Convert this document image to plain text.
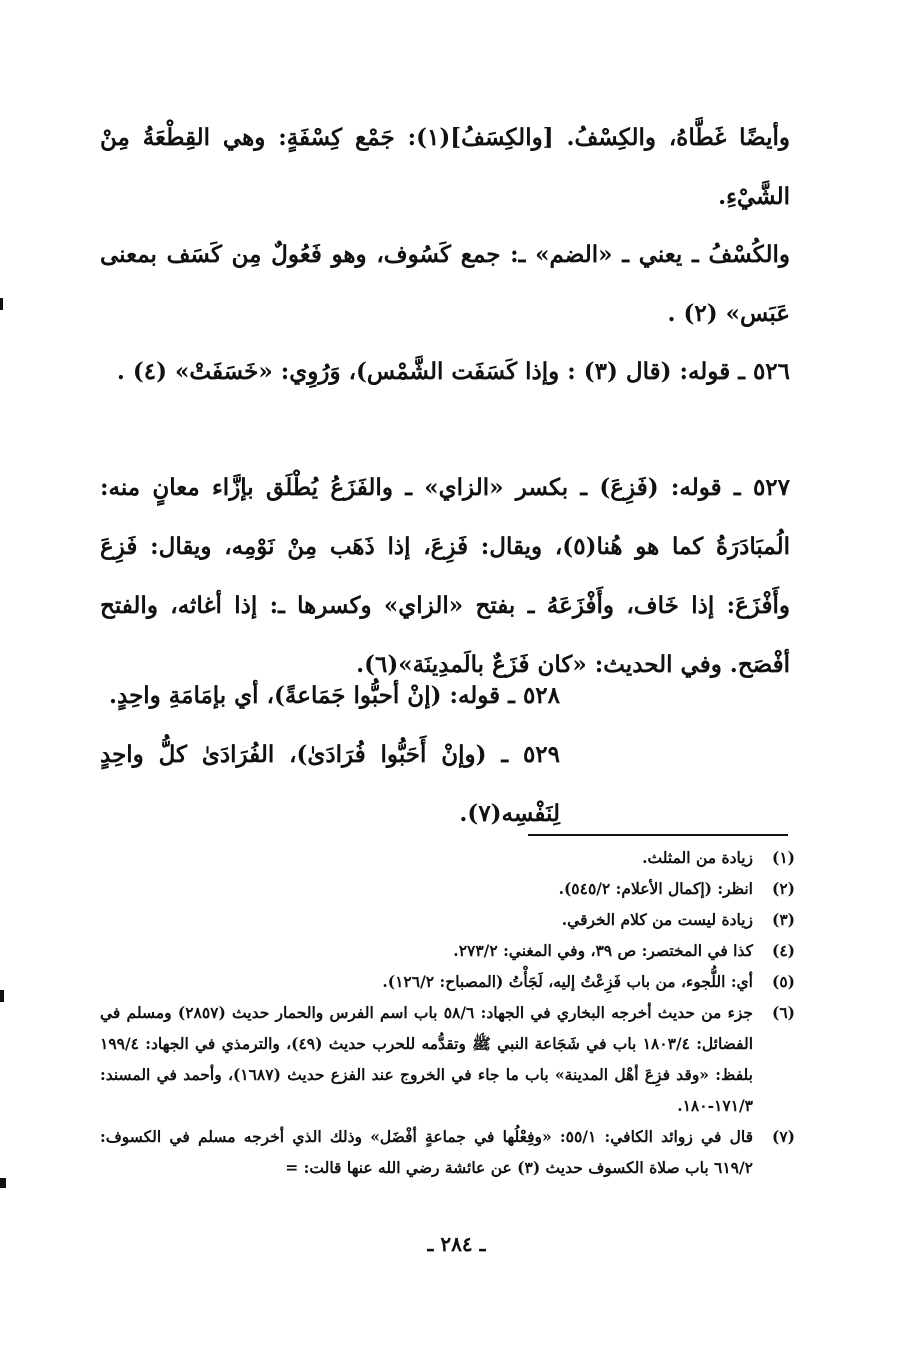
وأيضًا غَطَّاهُ، والكِسْفُ. [والكِسَفُ](١): جَمْع كِسْفَةٍ: وهي القِطْعَةُ مِنْ الشَّيْءِ.

والكُسْفُ ـ يعني ـ «الضم» ـ: جمع كَسُوف، وهو فَعُولٌ مِن كَسَف بمعنى عَبَس» (٢) .

٥٢٦ ـ قوله: (قال (٣) : وإذا كَسَفَت الشَّمْس)، وَرُوِي: «خَسَفَتْ» (٤) .

٥٢٧ ـ قوله: (فَزِعَ) ـ بكسر «الزاي» ـ والفَزَعُ يُطْلَق بإزَّاء معانٍ منه: الُمبَادَرَةُ كما هو هُنا(٥)، ويقال: فَزِعَ، إذا ذَهَب مِنْ نَوْمِه، ويقال: فَزِعَ وأَفْزَعَ: إذا خَاف، وأَفْزَعَهُ ـ بفتح «الزاي» وكسرها ـ: إذا أغاثه، والفتح أفْصَح. وفي الحديث: «كان فَزَعٌ بالَمدِينَة»(٦).

٥٢٨ ـ قوله: (إنْ أحبُّوا جَمَاعةً)، أي بإمَامَةِ واحِدٍ.

٥٢٩ ـ (وإنْ أَحَبُّوا فُرَادَىٰ)، الفُرَادَىٰ كلُّ واحِدٍ لِنَفْسِه(٧).

(١)
زيادة من المثلث.
(٢)
انظر: (إكمال الأعلام: ٥٤٥/٢).
(٣)
زيادة ليست من كلام الخرقي.
(٤)
كذا في المختصر: ص ٣٩، وفي المغني: ٢٧٣/٢.
(٥)
أي: اللُّجوء، من باب فَزِعْتُ إليه، لَجَأْتُ (المصباح: ١٢٦/٢).
(٦)
جزء من حديث أخرجه البخاري في الجهاد: ٥٨/٦ باب اسم الفرس والحمار حديث (٢٨٥٧) ومسلم في الفضائل: ١٨٠٣/٤ باب في شَجَاعة النبي ﷺ وتقدُّمه للحرب حديث (٤٩)، والترمذي في الجهاد: ١٩٩/٤ بلفظ: «وقد فزِعَ أهْل المدينة» باب ما جاء في الخروج عند الفزع حديث (١٦٨٧)، وأحمد في المسند: ١٧١/٣-١٨٠.
(٧)
قال في زوائد الكافي: ٥٥/١: «وفِعْلُها في جماعةٍ أفْضَل» وذلك الذي أخرجه مسلم في الكسوف: ٦١٩/٢ باب صلاة الكسوف حديث (٣) عن عائشة رضي الله عنها قالت: =
ـ ٢٨٤ ـ
